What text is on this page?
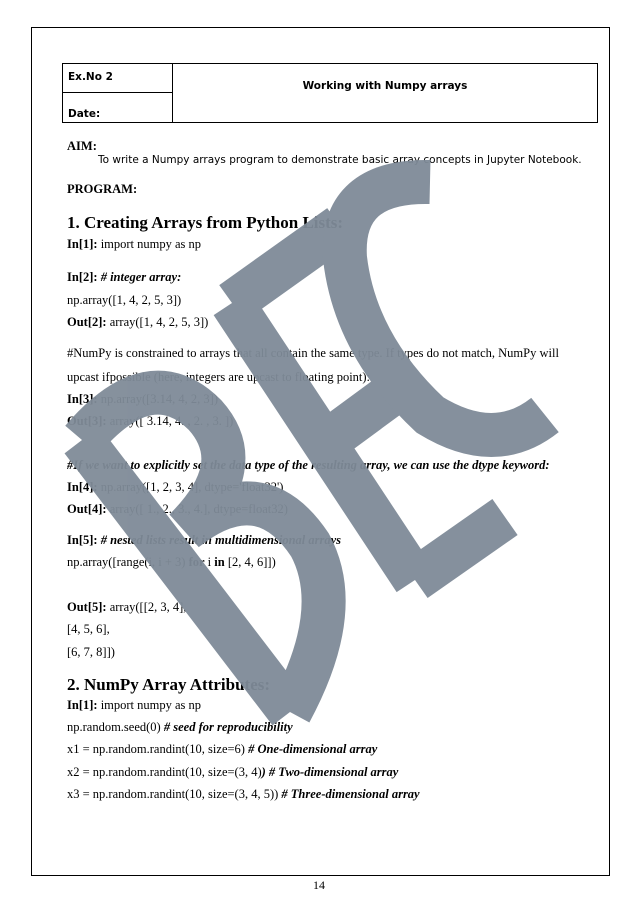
Ex.No 2
Date:
Working with Numpy arrays
AIM:
To write a Numpy arrays program to demonstrate basic array concepts in Jupyter Notebook.
PROGRAM:
1. Creating Arrays from Python Lists:
In[1]: import numpy as np
In[2]: # integer array:
np.array([1, 4, 2, 5, 3])
Out[2]: array([1, 4, 2, 5, 3])
#NumPy is constrained to arrays that all contain the same type. If types do not match, NumPy will
upcast ifpossible (here, integers are upcast to floating point):
In[3]: np.array([3.14, 4, 2, 3])
Out[3]: array([ 3.14, 4. , 2. , 3. ])
#If we want to explicitly set the data type of the resulting array, we can use the dtype keyword:
In[4]: np.array([1, 2, 3, 4], dtype='float32')
Out[4]: array([ 1., 2., 3., 4.], dtype=float32)
In[5]: # nested lists result in multidimensional arrays
np.array([range(i, i + 3) for i in [2, 4, 6]])
Out[5]: array([[2, 3, 4],
[4, 5, 6],
[6, 7, 8]])
2. NumPy Array Attributes:
In[1]: import numpy as np
np.random.seed(0) # seed for reproducibility
x1 = np.random.randint(10, size=6) # One-dimensional array
x2 = np.random.randint(10, size=(3, 4)) # Two-dimensional array
x3 = np.random.randint(10, size=(3, 4, 5)) # Three-dimensional array
14
